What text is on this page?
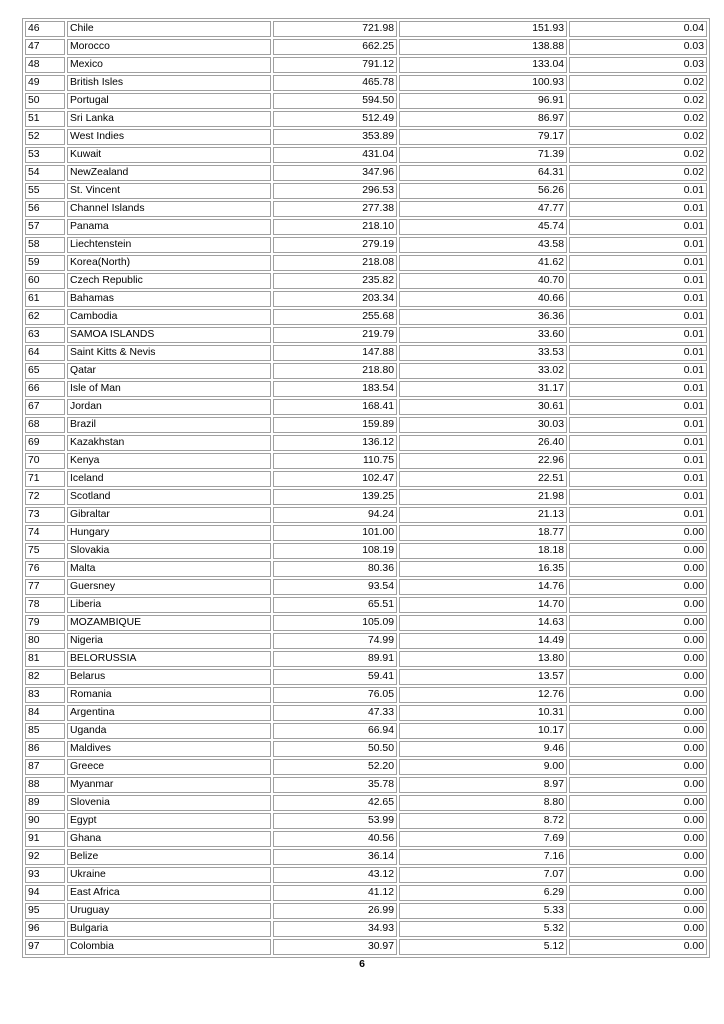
46	Chile	721.98	151.93	0.04
47	Morocco	662.25	138.88	0.03
48	Mexico	791.12	133.04	0.03
49	British Isles	465.78	100.93	0.02
50	Portugal	594.50	96.91	0.02
51	Sri Lanka	512.49	86.97	0.02
52	West Indies	353.89	79.17	0.02
53	Kuwait	431.04	71.39	0.02
54	NewZealand	347.96	64.31	0.02
55	St. Vincent	296.53	56.26	0.01
56	Channel Islands	277.38	47.77	0.01
57	Panama	218.10	45.74	0.01
58	Liechtenstein	279.19	43.58	0.01
59	Korea(North)	218.08	41.62	0.01
60	Czech Republic	235.82	40.70	0.01
61	Bahamas	203.34	40.66	0.01
62	Cambodia	255.68	36.36	0.01
63	SAMOA ISLANDS	219.79	33.60	0.01
64	Saint Kitts & Nevis	147.88	33.53	0.01
65	Qatar	218.80	33.02	0.01
66	Isle of Man	183.54	31.17	0.01
67	Jordan	168.41	30.61	0.01
68	Brazil	159.89	30.03	0.01
69	Kazakhstan	136.12	26.40	0.01
70	Kenya	110.75	22.96	0.01
71	Iceland	102.47	22.51	0.01
72	Scotland	139.25	21.98	0.01
73	Gibraltar	94.24	21.13	0.01
74	Hungary	101.00	18.77	0.00
75	Slovakia	108.19	18.18	0.00
76	Malta	80.36	16.35	0.00
77	Guersney	93.54	14.76	0.00
78	Liberia	65.51	14.70	0.00
79	MOZAMBIQUE	105.09	14.63	0.00
80	Nigeria	74.99	14.49	0.00
81	BELORUSSIA	89.91	13.80	0.00
82	Belarus	59.41	13.57	0.00
83	Romania	76.05	12.76	0.00
84	Argentina	47.33	10.31	0.00
85	Uganda	66.94	10.17	0.00
86	Maldives	50.50	9.46	0.00
87	Greece	52.20	9.00	0.00
88	Myanmar	35.78	8.97	0.00
89	Slovenia	42.65	8.80	0.00
90	Egypt	53.99	8.72	0.00
91	Ghana	40.56	7.69	0.00
92	Belize	36.14	7.16	0.00
93	Ukraine	43.12	7.07	0.00
94	East Africa	41.12	6.29	0.00
95	Uruguay	26.99	5.33	0.00
96	Bulgaria	34.93	5.32	0.00
97	Colombia	30.97	5.12	0.00
6
